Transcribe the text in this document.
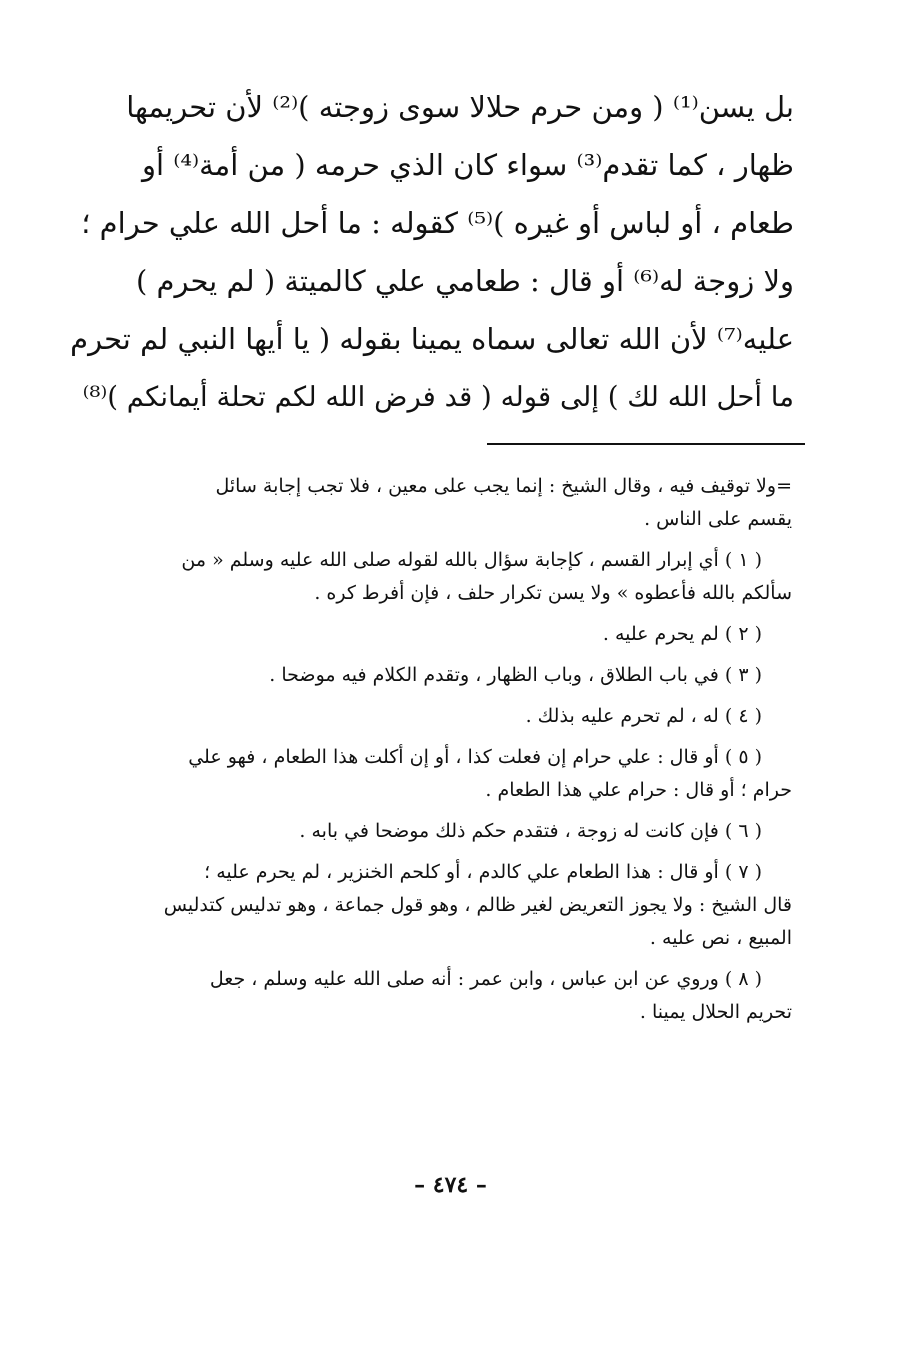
بل يسن⁽¹⁾ ( ومن حرم حلالا سوى زوجته )⁽²⁾ لأن تحريمها
ظهار ، كما تقدم⁽³⁾ سواء كان الذي حرمه ( من أمة⁽⁴⁾ أو
طعام ، أو لباس أو غيره )⁽⁵⁾ كقوله : ما أحل الله علي حرام ؛
ولا زوجة له⁽⁶⁾ أو قال : طعامي علي كالميتة ( لم يحرم )
عليه⁽⁷⁾ لأن الله تعالى سماه يمينا بقوله ( يا أيها النبي لم تحرم
ما أحل الله لك ) إلى قوله ( قد فرض الله لكم تحلة أيمانكم )⁽⁸⁾
=ولا توقيف فيه ، وقال الشيخ : إنما يجب على معين ، فلا تجب إجابة سائل
يقسم على الناس .
( ١ ) أي إبرار القسم ، كإجابة سؤال بالله لقوله صلى الله عليه وسلم « من
سألكم بالله فأعطوه » ولا يسن تكرار حلف ، فإن أفرط كره .
( ٢ ) لم يحرم عليه .
( ٣ ) في باب الطلاق ، وباب الظهار ، وتقدم الكلام فيه موضحا .
( ٤ ) له ، لم تحرم عليه بذلك .
( ٥ ) أو قال : علي حرام إن فعلت كذا ، أو إن أكلت هذا الطعام ، فهو علي
حرام ؛ أو قال : حرام علي هذا الطعام .
( ٦ ) فإن كانت له زوجة ، فتقدم حكم ذلك موضحا في بابه .
( ٧ ) أو قال : هذا الطعام علي كالدم ، أو كلحم الخنزير ، لم يحرم عليه ؛
قال الشيخ : ولا يجوز التعريض لغير ظالم ، وهو قول جماعة ، وهو تدليس كتدليس
المبيع ، نص عليه .
( ٨ ) وروي عن ابن عباس ، وابن عمر : أنه صلى الله عليه وسلم ، جعل
تحريم الحلال يمينا .
– ٤٧٤ –
